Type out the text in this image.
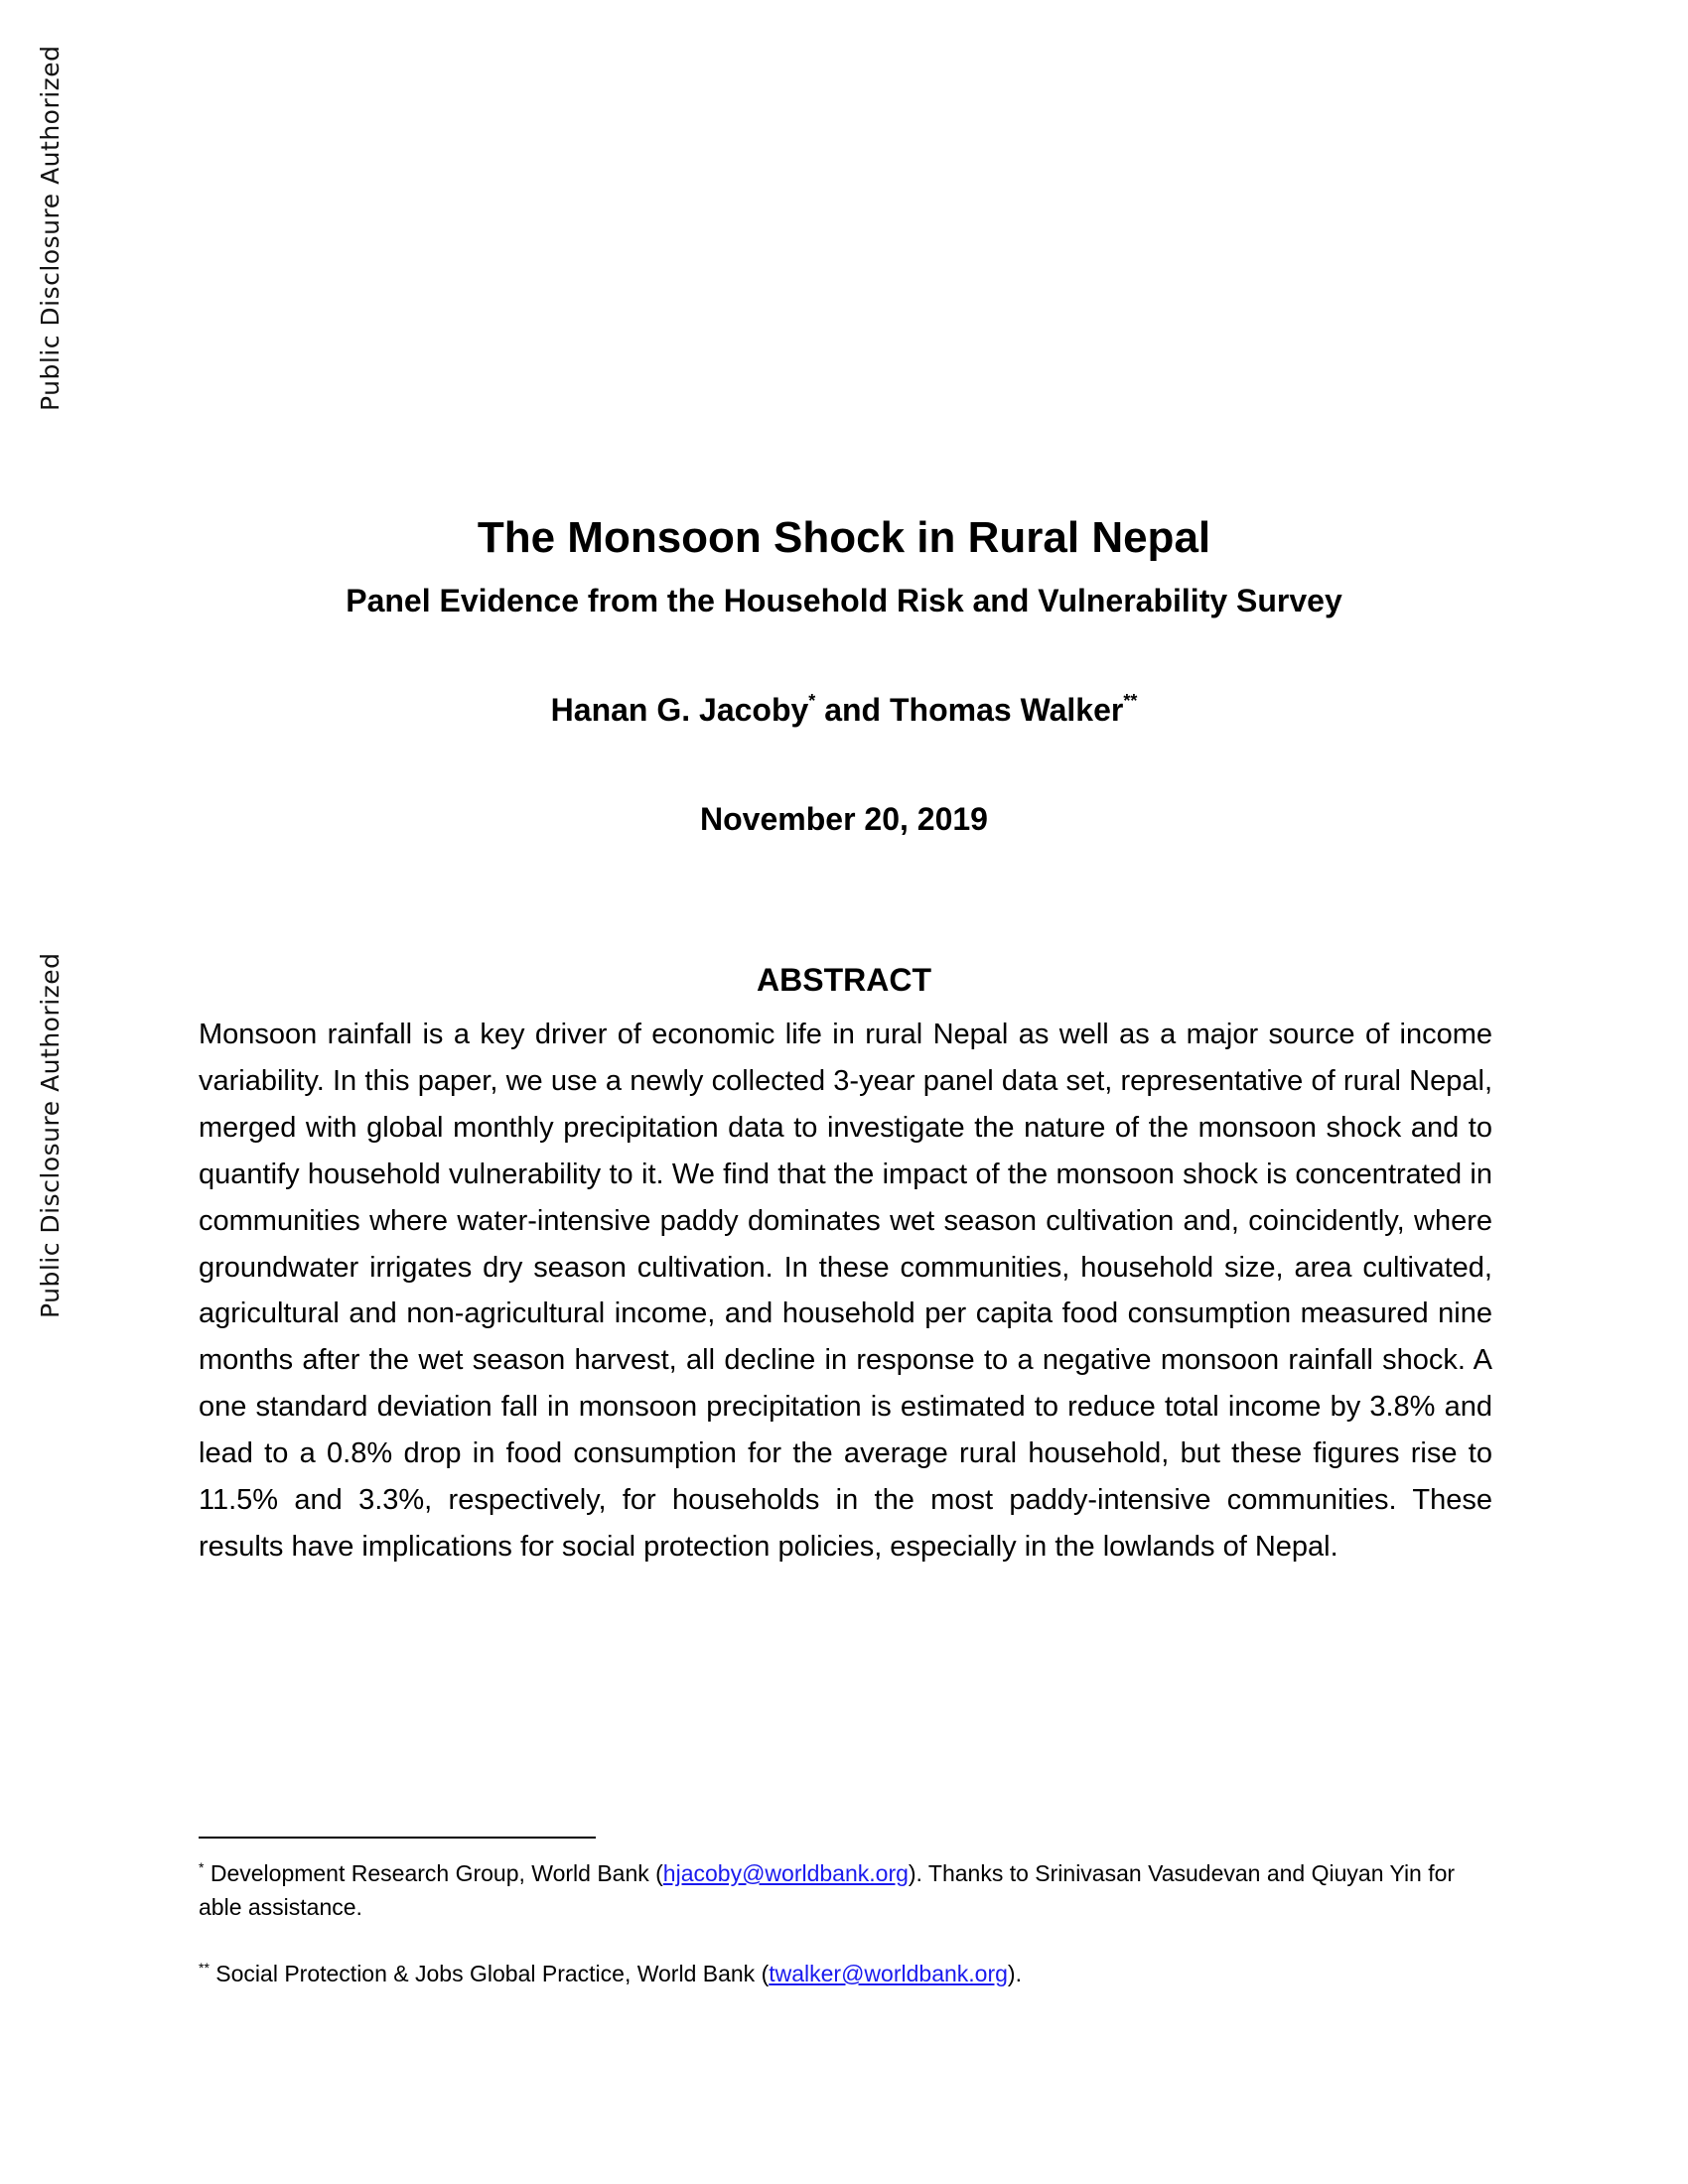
Public Disclosure Authorized
Public Disclosure Authorized
The Monsoon Shock in Rural Nepal
Panel Evidence from the Household Risk and Vulnerability Survey
Hanan G. Jacoby* and Thomas Walker**
November 20, 2019
ABSTRACT

Monsoon rainfall is a key driver of economic life in rural Nepal as well as a major source of income variability. In this paper, we use a newly collected 3-year panel data set, representative of rural Nepal, merged with global monthly precipitation data to investigate the nature of the monsoon shock and to quantify household vulnerability to it. We find that the impact of the monsoon shock is concentrated in communities where water-intensive paddy dominates wet season cultivation and, coincidently, where groundwater irrigates dry season cultivation. In these communities, household size, area cultivated, agricultural and non-agricultural income, and household per capita food consumption measured nine months after the wet season harvest, all decline in response to a negative monsoon rainfall shock. A one standard deviation fall in monsoon precipitation is estimated to reduce total income by 3.8% and lead to a 0.8% drop in food consumption for the average rural household, but these figures rise to 11.5% and 3.3%, respectively, for households in the most paddy-intensive communities. These results have implications for social protection policies, especially in the lowlands of Nepal.

* Development Research Group, World Bank (hjacoby@worldbank.org). Thanks to Srinivasan Vasudevan and Qiuyan Yin for able assistance.

** Social Protection & Jobs Global Practice, World Bank (twalker@worldbank.org).
